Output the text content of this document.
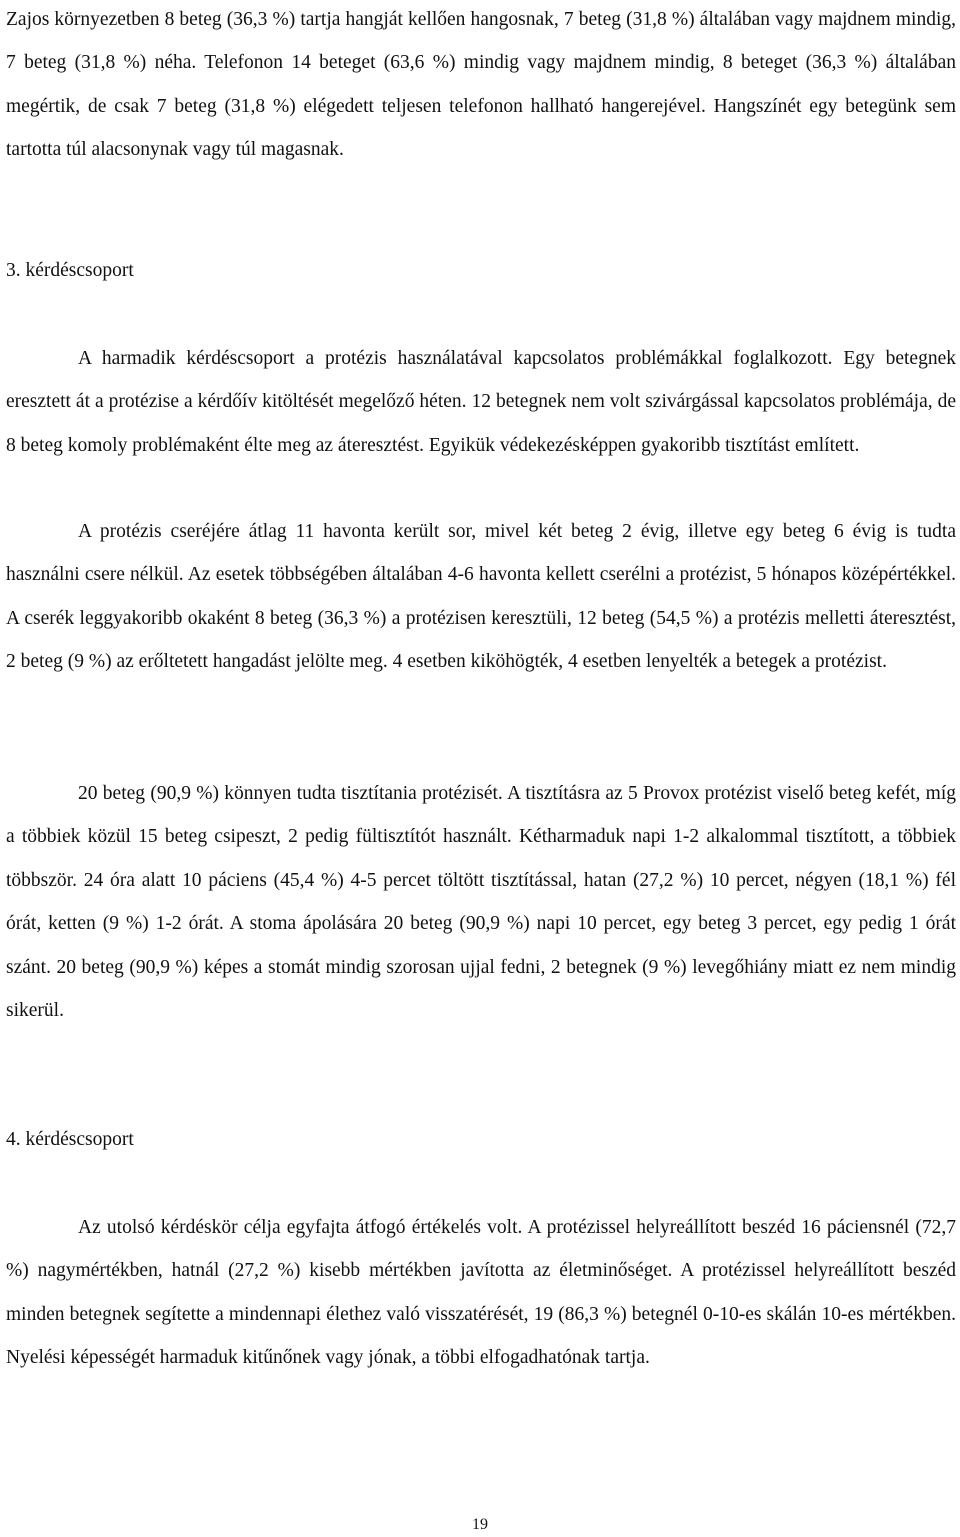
Zajos környezetben 8 beteg (36,3 %) tartja hangját kellően hangosnak, 7 beteg (31,8 %) általában vagy majdnem mindig, 7 beteg (31,8 %) néha. Telefonon 14 beteget (63,6 %) mindig vagy majdnem mindig, 8 beteget (36,3 %) általában megértik, de csak 7 beteg (31,8 %) elégedett teljesen telefonon hallható hangerejével. Hangszínét egy betegünk sem tartotta túl alacsonynak vagy túl magasnak.

3. kérdéscsoport

A harmadik kérdéscsoport a protézis használatával kapcsolatos problémákkal foglalkozott. Egy betegnek eresztett át a protézise a kérdőív kitöltését megelőző héten. 12 betegnek nem volt szivárgással kapcsolatos problémája, de 8 beteg komoly problémaként élte meg az áteresztést. Egyikük védekezésképpen gyakoribb tisztítást említett.

A protézis cseréjére átlag 11 havonta került sor, mivel két beteg 2 évig, illetve egy beteg 6 évig is tudta használni csere nélkül. Az esetek többségében általában 4-6 havonta kellett cserélni a protézist, 5 hónapos középértékkel. A cserék leggyakoribb okaként 8 beteg (36,3 %) a protézisen keresztüli, 12 beteg (54,5 %) a protézis melletti áteresztést, 2 beteg (9 %) az erőltetett hangadást jelölte meg. 4 esetben kiköhögték, 4 esetben lenyelték a betegek a protézist.

20 beteg (90,9 %) könnyen tudta tisztítania protézisét. A tisztításra az 5 Provox protézist viselő beteg kefét, míg a többiek közül 15 beteg csipeszt, 2 pedig fültisztítót használt. Kétharmaduk napi 1-2 alkalommal tisztított, a többiek többször. 24 óra alatt 10 páciens (45,4 %) 4-5 percet töltött tisztítással, hatan (27,2 %) 10 percet, négyen (18,1 %) fél órát, ketten (9 %) 1-2 órát. A stoma ápolására 20 beteg (90,9 %) napi 10 percet, egy beteg 3 percet, egy pedig 1 órát szánt. 20 beteg (90,9 %) képes a stomát mindig szorosan ujjal fedni, 2 betegnek (9 %) levegőhiány miatt ez nem mindig sikerül.

4. kérdéscsoport

Az utolsó kérdéskör célja egyfajta átfogó értékelés volt. A protézissel helyreállított beszéd 16 páciensnél (72,7 %) nagymértékben, hatnál (27,2 %) kisebb mértékben javította az életminőséget. A protézissel helyreállított beszéd minden betegnek segítette a mindennapi élethez való visszatérését, 19 (86,3 %) betegnél 0-10-es skálán 10-es mértékben. Nyelési képességét harmaduk kitűnőnek vagy jónak, a többi elfogadhatónak tartja.

19
